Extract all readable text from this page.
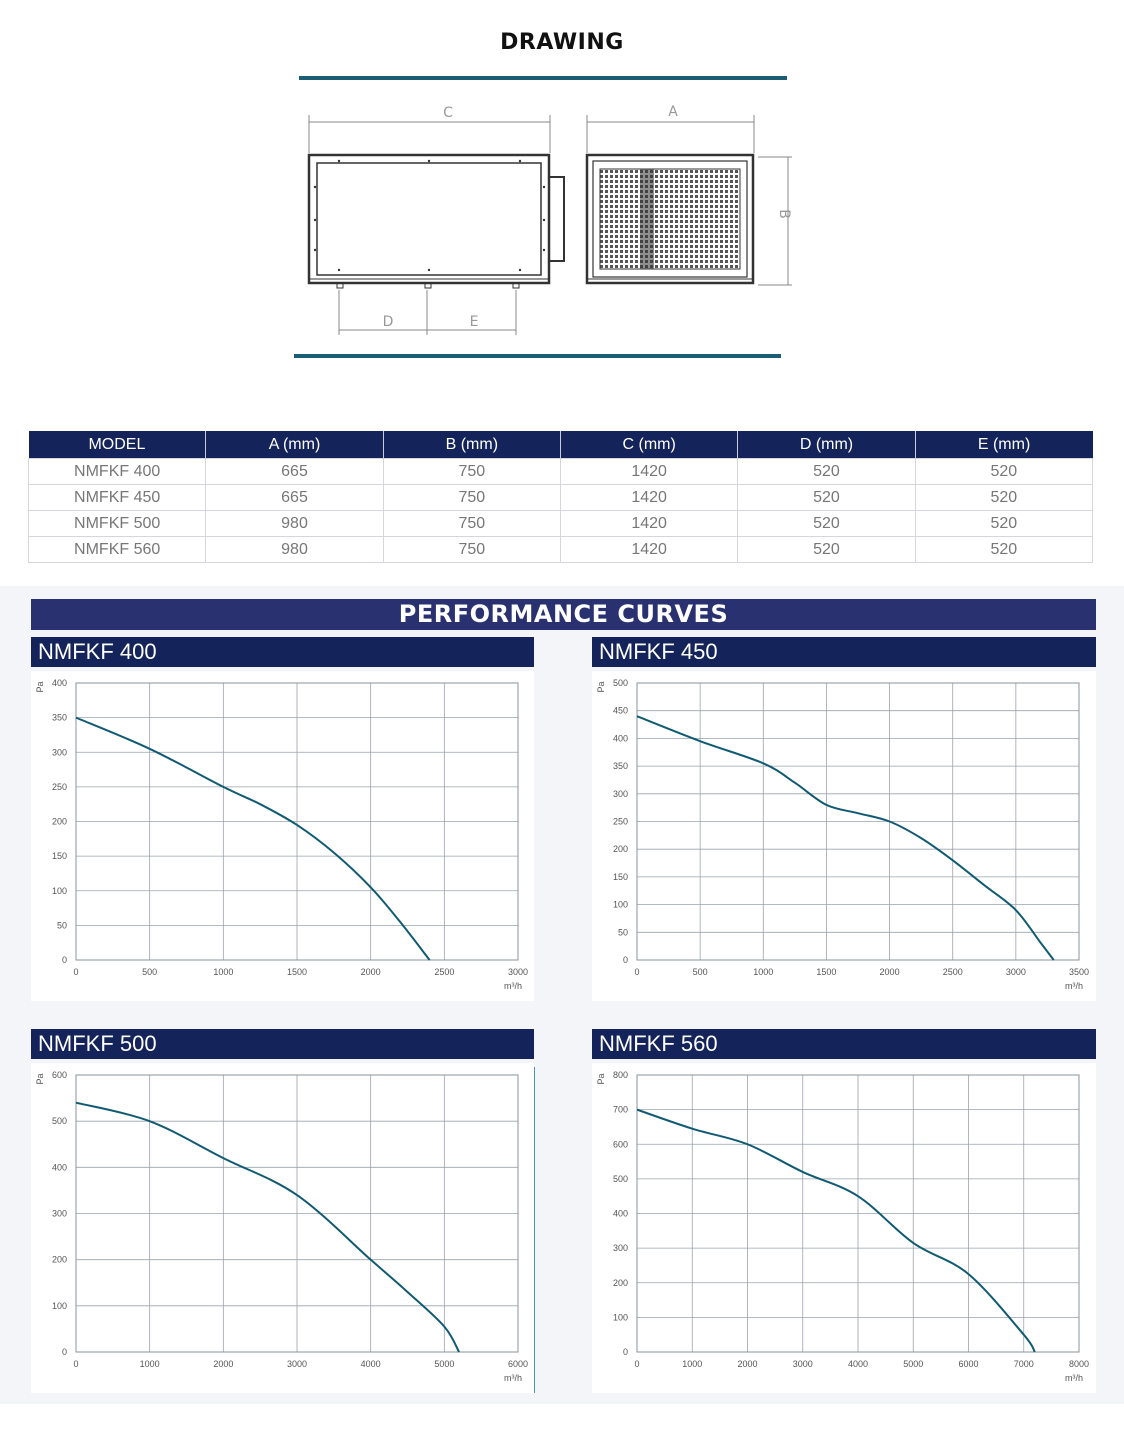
DRAWING
C	A
B
D	E
MODEL	A (mm)	B (mm)	C (mm)	D (mm)	E (mm)
NMFKF 400	665	750	1420	520	520
NMFKF 450	665	750	1420	520	520
NMFKF 500	980	750	1420	520	520
NMFKF 560	980	750	1420	520	520
PERFORMANCE CURVES
NMFKF 400
0	500	1000	1500	2000	2500	3000
0
50
100
150
200
250
300
350
400
Pa
m³/h
NMFKF 450
0	500	1000	1500	2000	2500	3000	3500
0
50
100
150
200
250
300
350
400
450
500
Pa
m³/h
NMFKF 500
0	1000	2000	3000	4000	5000	6000
0
100
200
300
400
500
600
Pa
m³/h
NMFKF 560
0	1000	2000	3000	4000	5000	6000	7000	8000
0
100
200
300
400
500
600
700
800
Pa
m³/h
